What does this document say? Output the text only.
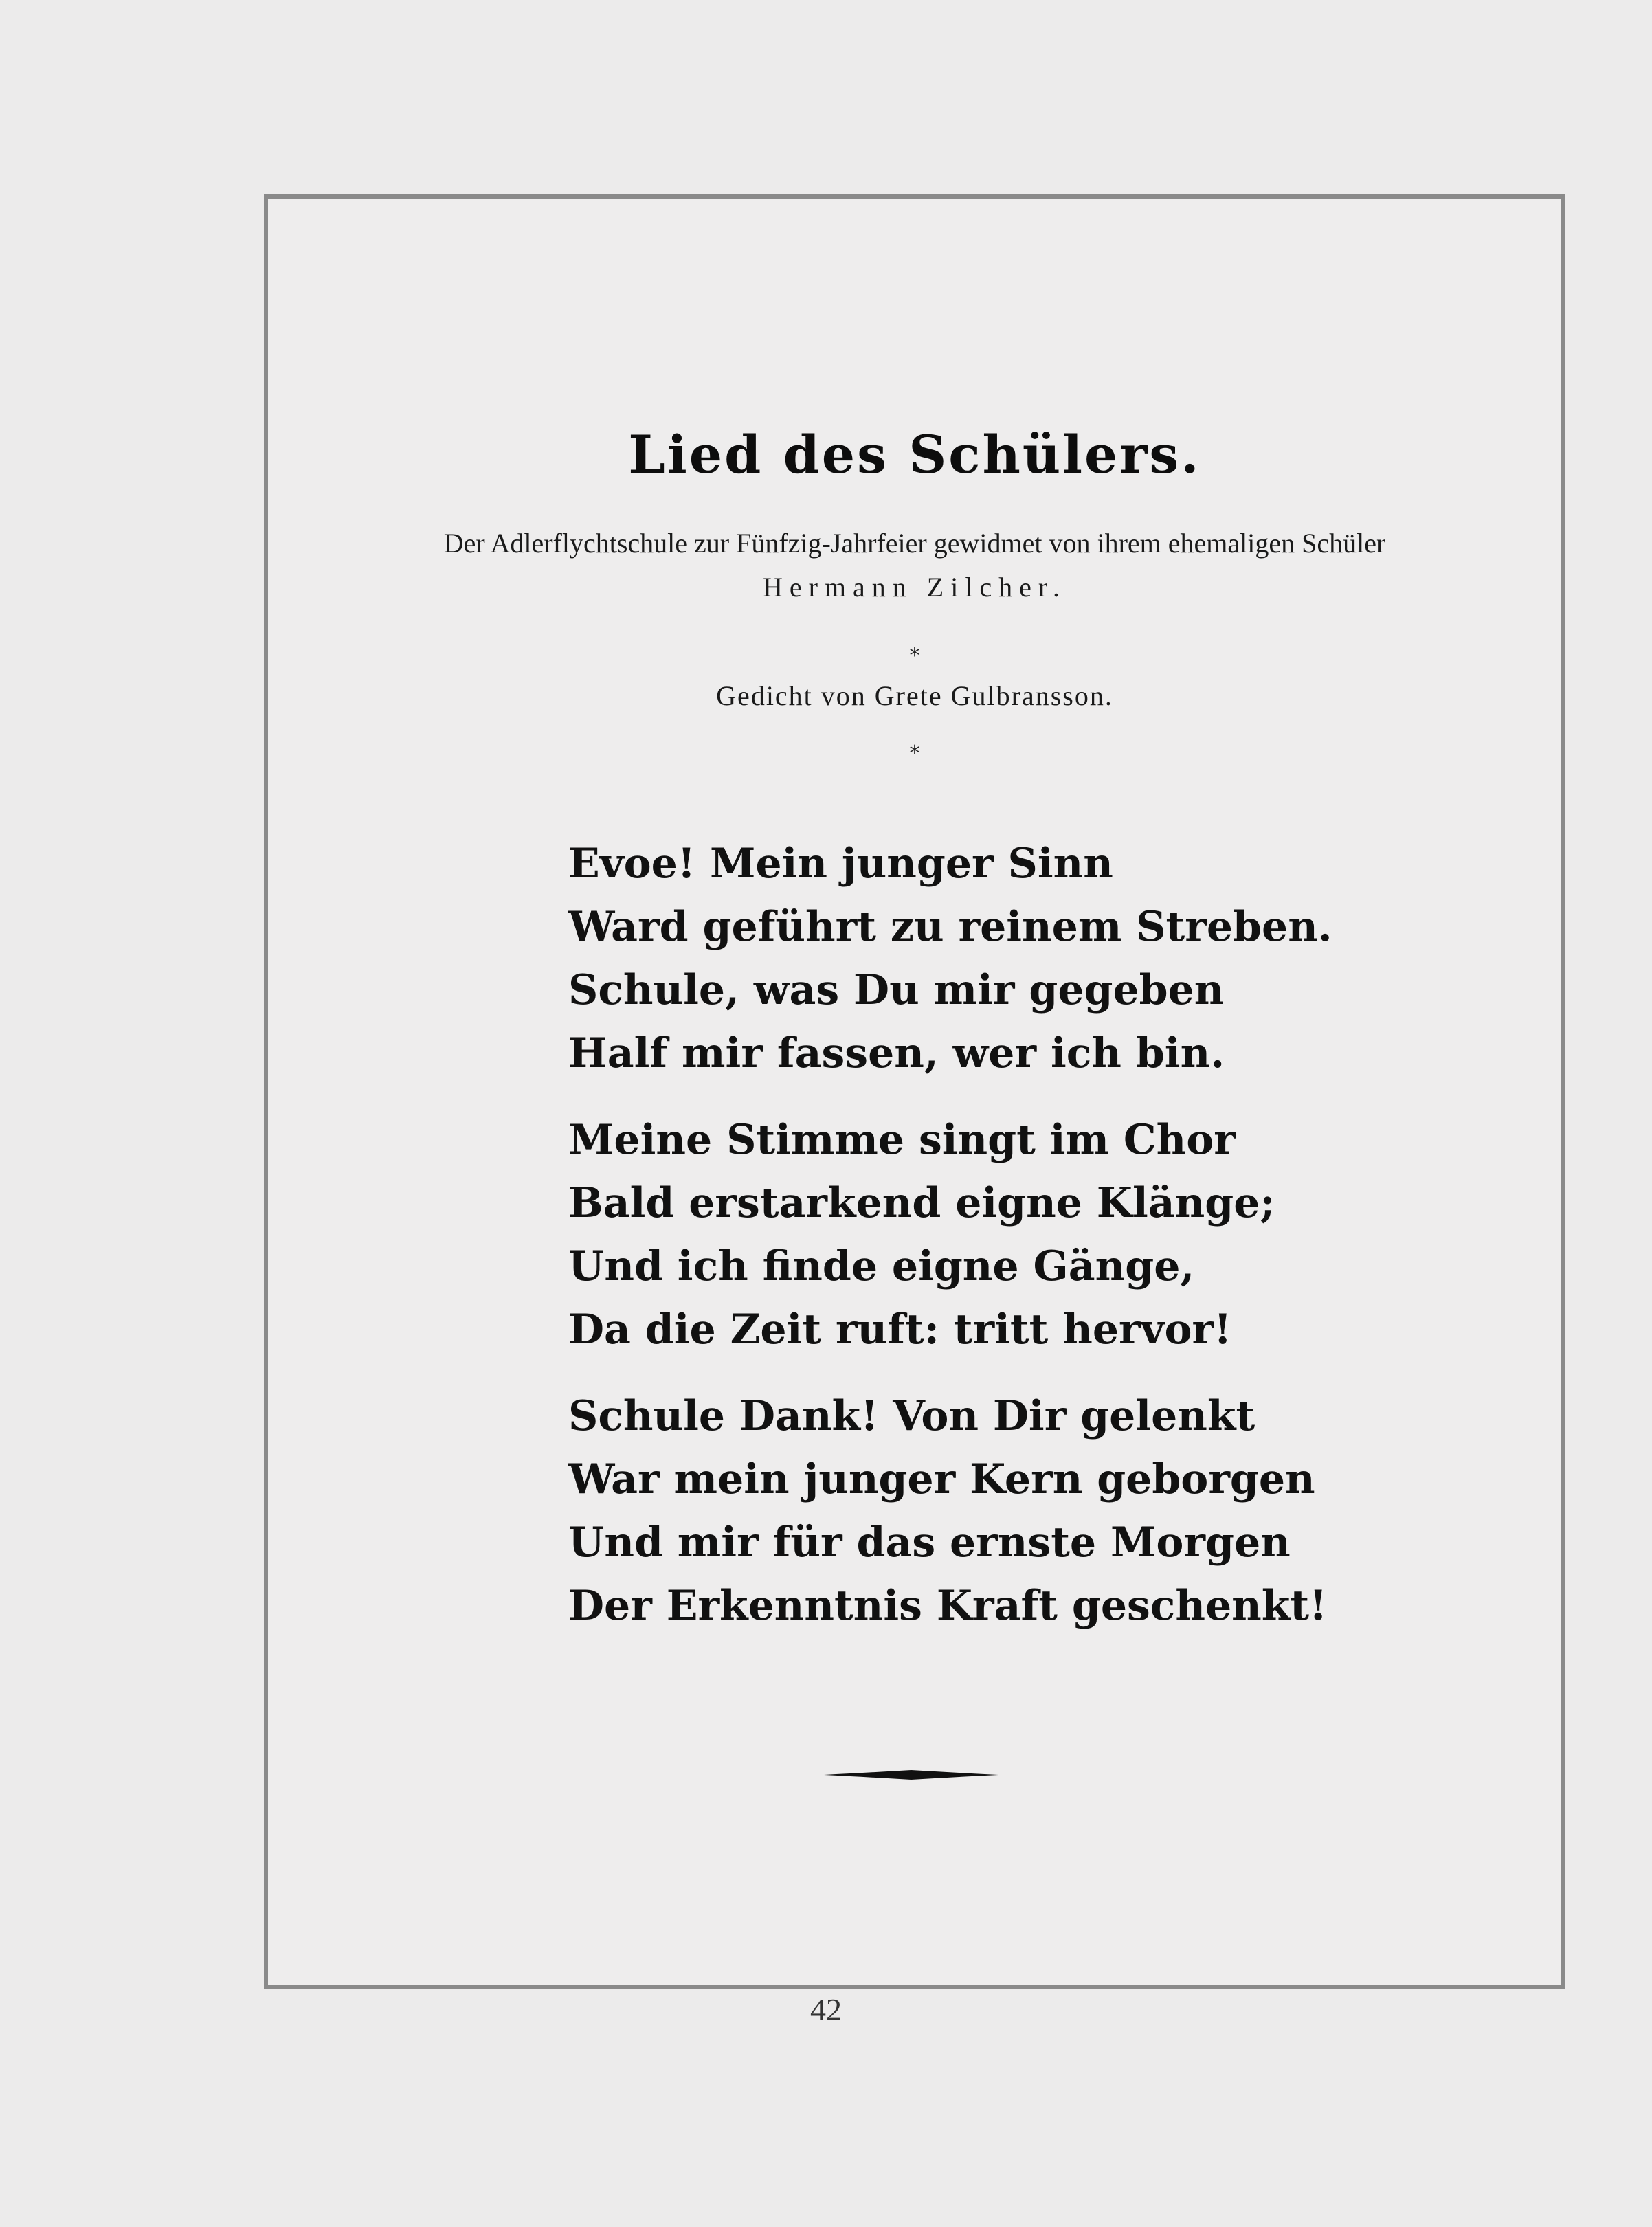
Lied des Schülers.
Der Adlerflychtschule zur Fünfzig-Jahrfeier gewidmet von ihrem ehemaligen Schüler
Hermann Zilcher.
*
Gedicht von Grete Gulbransson.
*
Evoe! Mein junger Sinn
Ward geführt zu reinem Streben.
Schule, was Du mir gegeben
Half mir fassen, wer ich bin.
Meine Stimme singt im Chor
Bald erstarkend eigne Klänge;
Und ich finde eigne Gänge,
Da die Zeit ruft: tritt hervor!
Schule Dank! Von Dir gelenkt
War mein junger Kern geborgen
Und mir für das ernste Morgen
Der Erkenntnis Kraft geschenkt!
42
